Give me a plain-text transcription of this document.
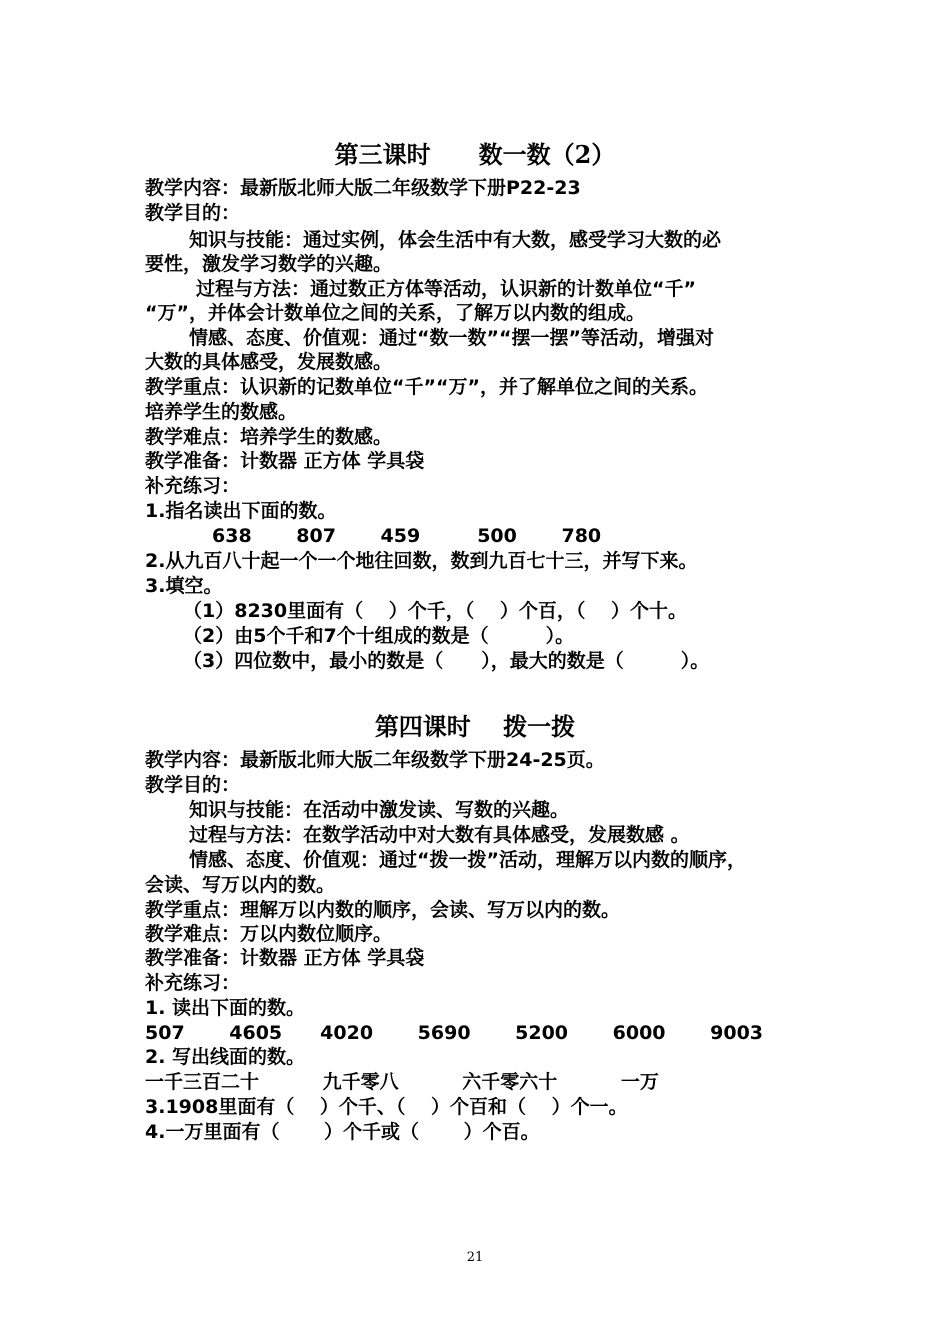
第三课时　　数一数（2）
教学内容：最新版北师大版二年级数学下册P22-23
教学目的：
知识与技能：通过实例，体会生活中有大数，感受学习大数的必
要性，激发学习数学的兴趣。
过程与方法：通过数正方体等活动，认识新的计数单位“千”
“万”，并体会计数单位之间的关系，了解万以内数的组成。
情感、态度、价值观：通过“数一数”“摆一摆”等活动，增强对
大数的具体感受，发展数感。
教学重点：认识新的记数单位“千”“万”，并了解单位之间的关系。
培养学生的数感。
教学难点：培养学生的数感。
教学准备：计数器 正方体 学具袋
补充练习：
1.指名读出下面的数。
638　　 807　　 459　　　500　　 780
2.从九百八十起一个一个地往回数，数到九百七十三，并写下来。
3.填空。
（1）8230里面有（　 ）个千，（　 ）个百，（　 ）个十。
（2）由5个千和7个十组成的数是（　　　）。
（3）四位数中，最小的数是（　　），最大的数是（　　　）。
第四课时　 拨一拨
教学内容：最新版北师大版二年级数学下册24-25页。
教学目的：
知识与技能：在活动中激发读、写数的兴趣。
过程与方法：在数学活动中对大数有具体感受，发展数感 。
情感、态度、价值观：通过“拨一拨”活动，理解万以内数的顺序，
会读、写万以内的数。
教学重点：理解万以内数的顺序，会读、写万以内的数。
教学难点：万以内数位顺序。
教学准备：计数器 正方体 学具袋
补充练习：
1. 读出下面的数。
507　　 4605　　4020　　 5690　　 5200　　 6000　　 9003
2. 写出线面的数。
一千三百二十　　　 九千零八　　　 六千零六十　　　 一万
3.1908里面有（　 ）个千、（　 ）个百和（　 ）个一。
4.一万里面有（　　 ）个千或（　　 ）个百。
21
